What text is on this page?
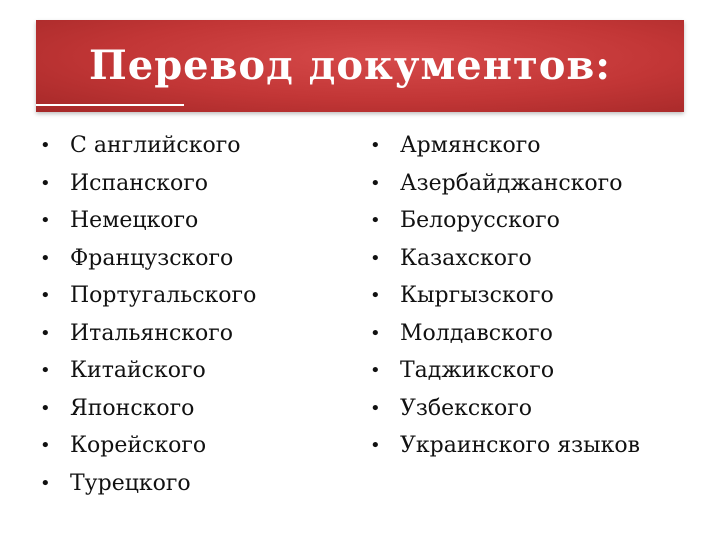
Перевод документов:
• С английского
• Испанского
• Немецкого
• Французского
• Португальского
• Итальянского
• Китайского
• Японского
• Корейского
• Турецкого
• Армянского
• Азербайджанского
• Белорусского
• Казахского
• Кыргызского
• Молдавского
• Таджикского
• Узбекского
• Украинского языков
